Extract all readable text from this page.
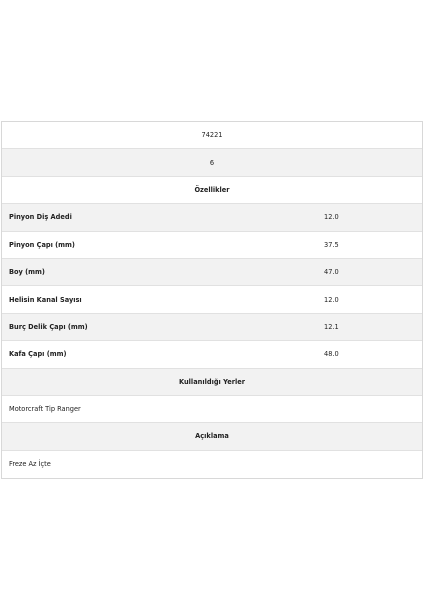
74221
6
Özellikler
Pinyon Diş Adedi	12.0
Pinyon Çapı (mm)	37.5
Boy (mm)	47.0
Helisin Kanal Sayısı	12.0
Burç Delik Çapı (mm)	12.1
Kafa Çapı (mm)	48.0
Kullanıldığı Yerler
Motorcraft Tip Ranger
Açıklama
Freze Az İçte
